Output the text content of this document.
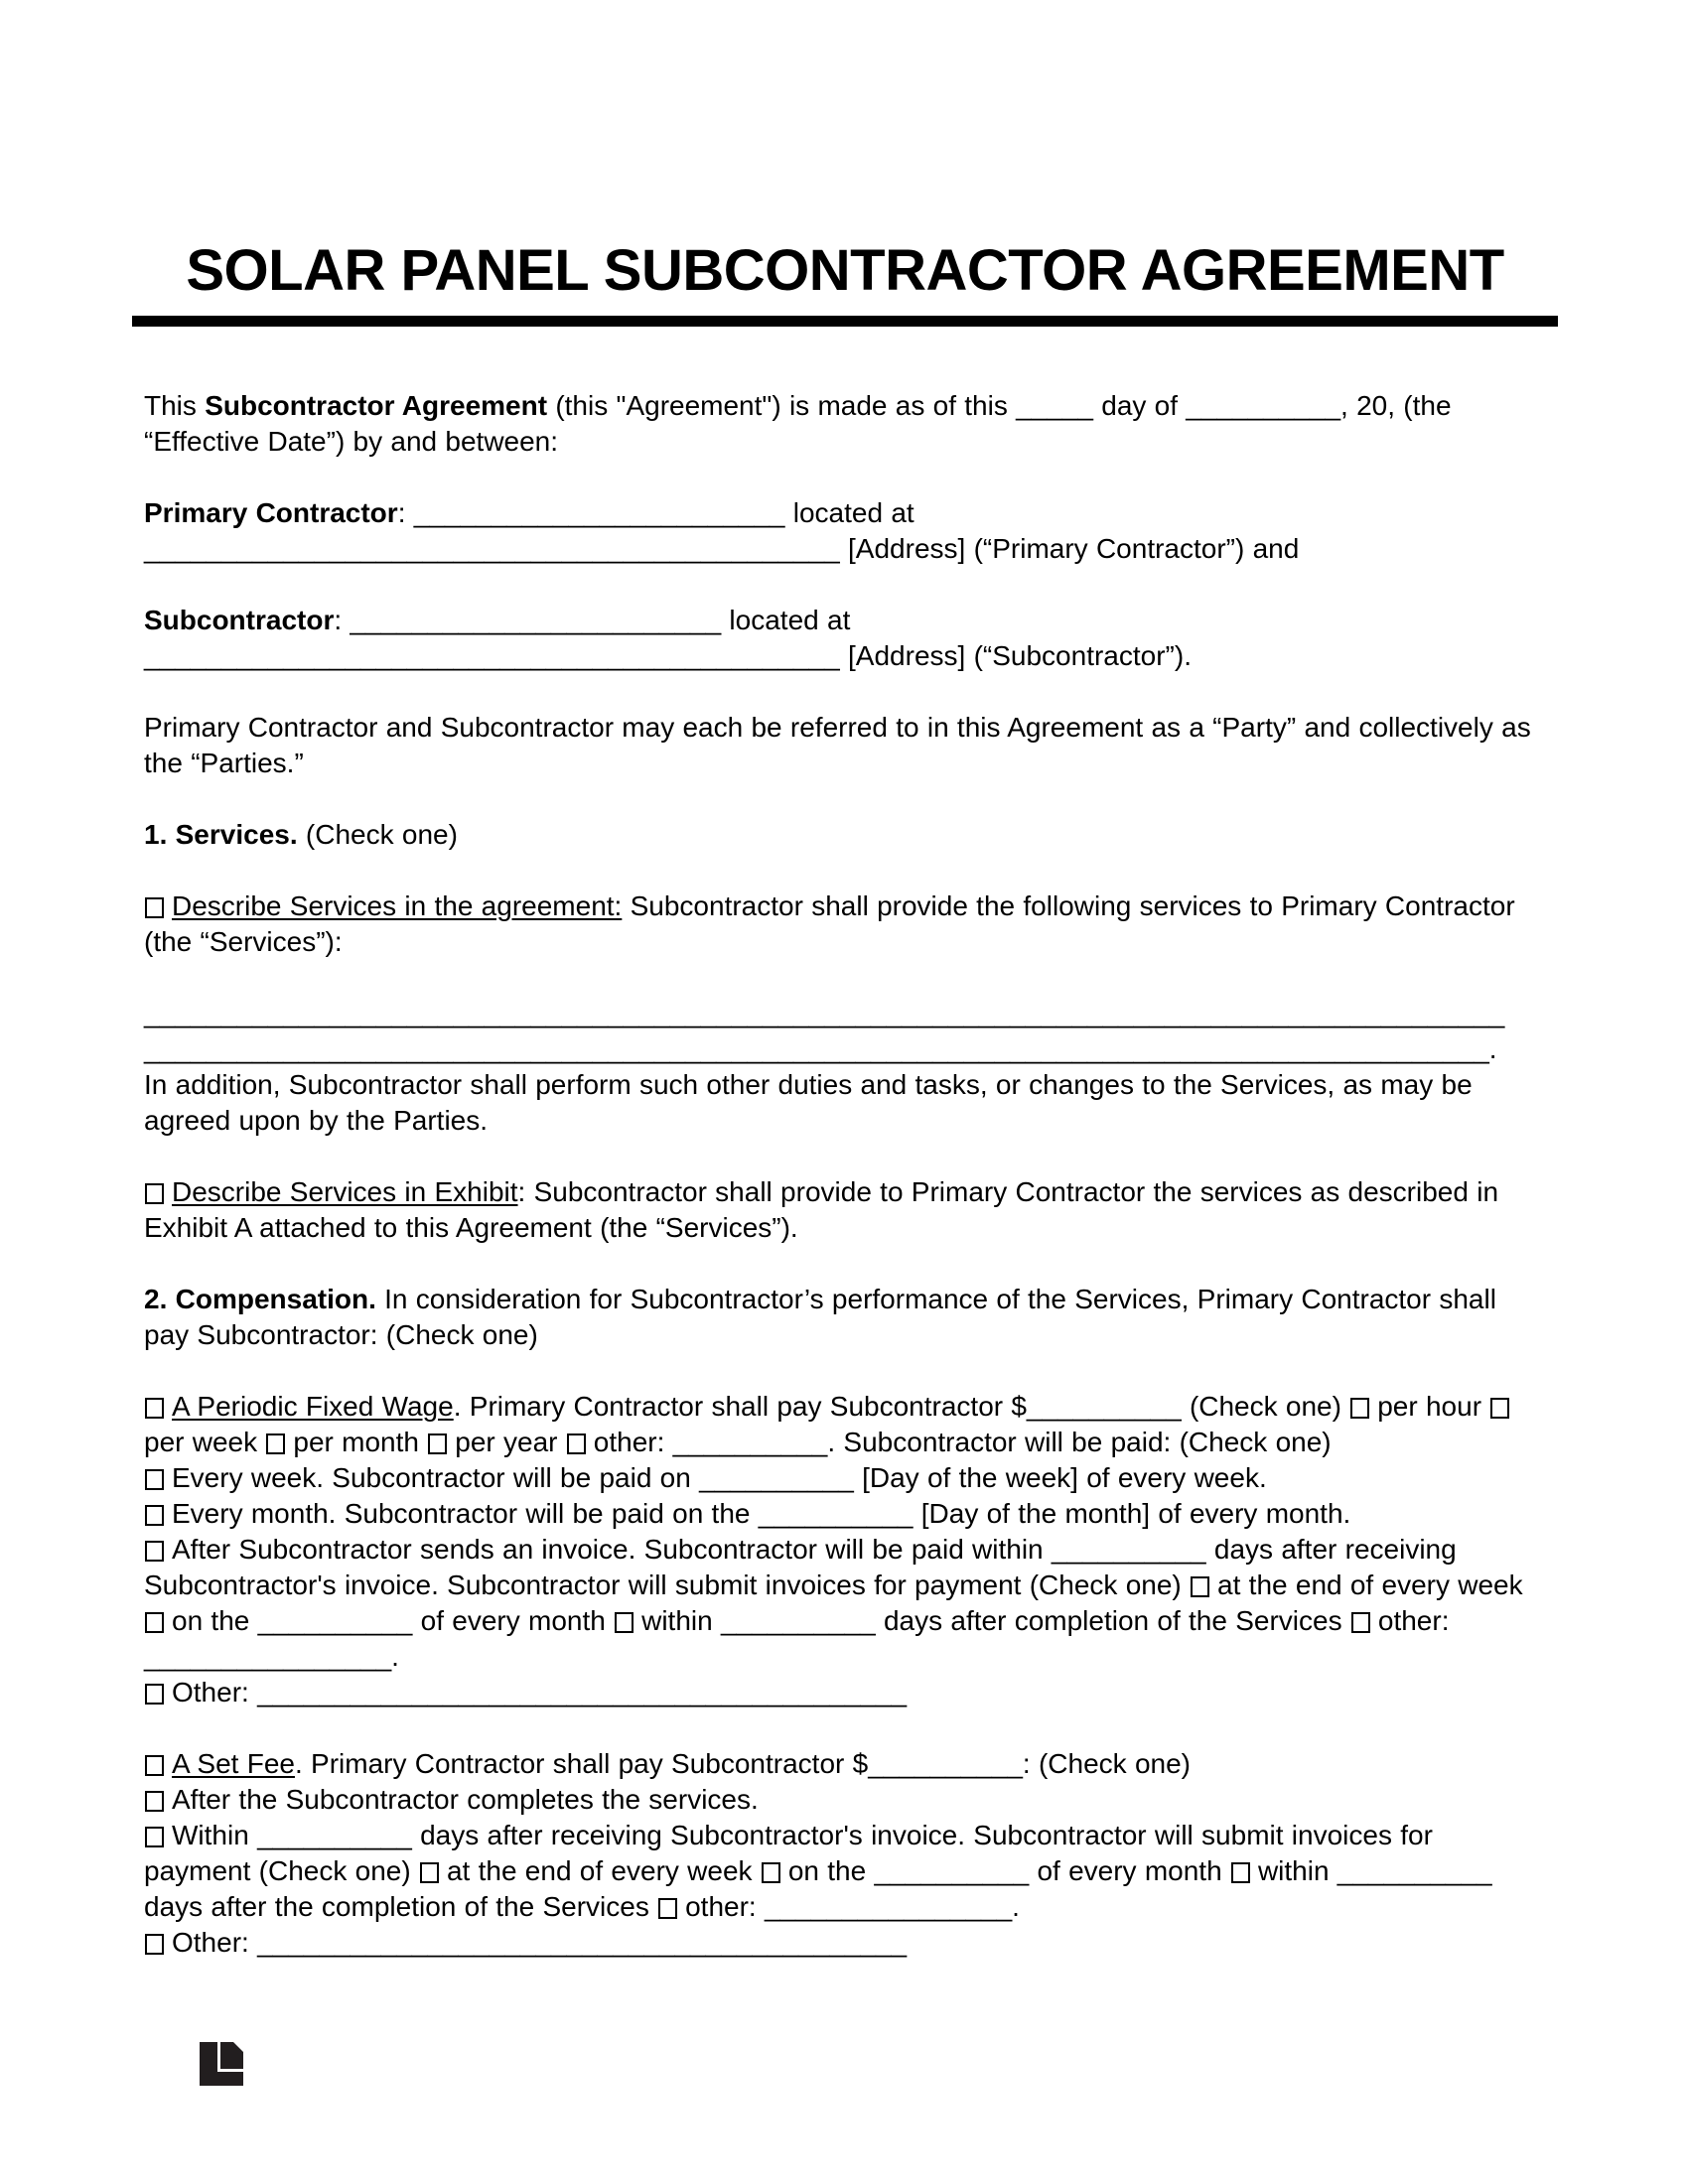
SOLAR PANEL SUBCONTRACTOR AGREEMENT

This Subcontractor Agreement (this "Agreement") is made as of this _____ day of __________, 20, (the “Effective Date”) by and between:

Primary Contractor: ________________________ located at
_____________________________________________ [Address] (“Primary Contractor”) and

Subcontractor: ________________________ located at
_____________________________________________ [Address] (“Subcontractor”).

Primary Contractor and Subcontractor may each be referred to in this Agreement as a “Party” and collectively as the “Parties.”

1. Services. (Check one)

Describe Services in the agreement: Subcontractor shall provide the following services to Primary Contractor (the “Services”):

________________________________________________________________________________________
_______________________________________________________________________________________.
In addition, Subcontractor shall perform such other duties and tasks, or changes to the Services, as may be agreed upon by the Parties.

Describe Services in Exhibit: Subcontractor shall provide to Primary Contractor the services as described in Exhibit A attached to this Agreement (the “Services”).

2. Compensation. In consideration for Subcontractor’s performance of the Services, Primary Contractor shall pay Subcontractor: (Check one)

A Periodic Fixed Wage. Primary Contractor shall pay Subcontractor $__________ (Check one) per hour per week per month per year other: __________. Subcontractor will be paid: (Check one)
Every week. Subcontractor will be paid on __________ [Day of the week] of every week.
Every month. Subcontractor will be paid on the __________ [Day of the month] of every month.
After Subcontractor sends an invoice. Subcontractor will be paid within __________ days after receiving Subcontractor's invoice. Subcontractor will submit invoices for payment (Check one) at the end of every week on the __________ of every month within __________ days after completion of the Services other: ________________.
Other: __________________________________________

A Set Fee. Primary Contractor shall pay Subcontractor $__________: (Check one)
After the Subcontractor completes the services.
Within __________ days after receiving Subcontractor's invoice. Subcontractor will submit invoices for payment (Check one) at the end of every week on the __________ of every month within __________ days after the completion of the Services other: ________________.
Other: __________________________________________
